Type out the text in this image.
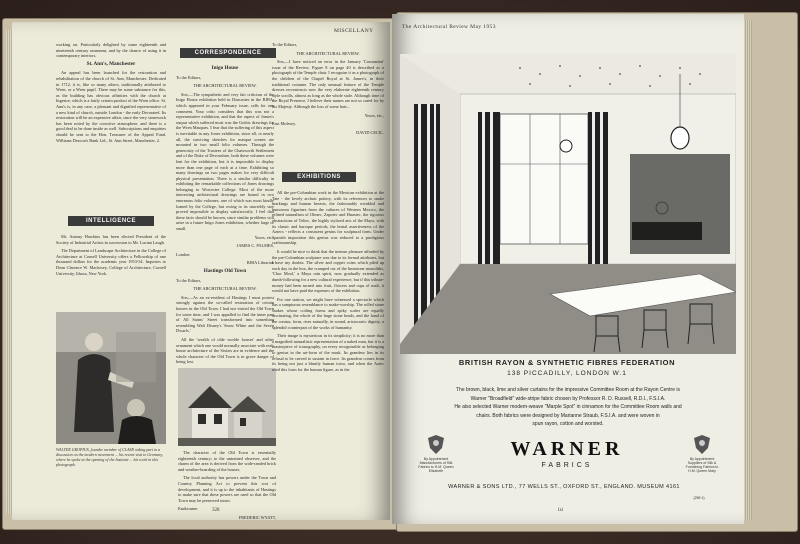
working on. Particularly delighted by some eighteenth and nineteenth century ornament, and by the chance of using it in contemporary interiors.

St. Ann's, Manchester

An appeal has been launched for the restoration and rehabilitation of the church of St. Ann, Manchester. Dedicated in 1712, it is, like so many others, traditionally attributed to Wren, or a Wren pupil. There may be some substance for this, as the building has obvious affinities with the church at Ingestre, which is a fairly certain product of the Wren office. St. Ann's is, in any case, a pleasant and dignified representative of a new kind of church, outside London - the early Decorated. Its restoration will be an expensive affair, since the very stonework has been rotted by the corrosive atmosphere, and there is a good deal to be done inside as well. Subscriptions and enquiries should be sent to the Hon. Treasurer of the Appeal Fund, Williams Deacon's Bank Ltd., St. Ann Street, Manchester, 2.

INTELLIGENCE

Mr. Antony Hawkins has been elected President of the Society of Industrial Artists in succession to Mr. Lucian Laugh.

The Department of Landscape Architecture in the College of Architecture at Cornell University offers a Fellowship of one thousand dollars for the academic year 1953-54. Inquiries to Dean Clarence W. Mackesey, College of Architecture, Cornell University, Ithaca, New York.

WALTER GROPIUS, founder member of CLASP, taking part in a discussion on the modern movement ... his recent visit to Germany, where he spoke at the opening of the Institute ... his work in this photograph.
CORRESPONDENCE

Inigo House

To the Editors,

THE ARCHITECTURAL REVIEW.

Sirs,—The sympathetic and very fair criticism of the Inigo House exhibition held in Doncaster in the RIBA, which appeared in your February issue, calls for one comment. Your critic considers that this was not a representative exhibition, and that the aspect of James's output which suffered most was the Gothic drawings for the Wren Masques. I fear that the suffering of this aspect is inevitable in any Jones exhibition, since all, or nearly all, the surviving sketches for masque scenes are mounted in two small folio volumes. Through the generosity of the Trustees of the Chatsworth Settlement and of the Duke of Devonshire, both these volumes were lent for the exhibition, but it is impossible to display more than one page of each at a time. Exhibiting so many drawings on two pages makes for very difficult physical presentation. There is a similar difficulty in exhibiting the remarkable collections of Jones drawings belonging to Worcester College. Most of the more interesting architectural drawings are bound in two enormous folio volumes, one of which was most kindly loaned by the College, but owing to its unwieldy size proved impossible to display satisfactorily. I feel that these facts should be known, since similar problems will arise in a future Inigo Jones exhibition, whether large or small.

Yours, etc.,

JAMES C. PALMES,

London.

RIBA Librarian

Hastings Old Town

To the Editors,

THE ARCHITECTURAL REVIEW.

Sirs,—As an ex-resident of Hastings I must protest strongly against the so-called restoration of certain houses in the Old Town. I had not visited the Old Town for some time, and I was appalled to find the inner part of All Saints' Street transformed into something resembling Walt Disney's 'Snow White and the Seven Dwarfs.'

All the 'wealth of olde worlde houses' and other ornament which one would normally associate with real-house architecture of the Sixties are in evidence and the whole character of the Old Town is in grave danger of being lost.

The character of the Old Town is essentially eighteenth century; to the untrained observer, and the charm of the area is derived from the wide-randed brick and weather-boarding of the houses.

The local authority has powers under the Town and Country Planning Act to prevent this sort of development, and it is up to the inhabitants of Hastings to make sure that these powers are used so that the Old Town may be preserved intact.

Eastbourne.

FREDERIC WYATT,

328

To the Editors,

THE ARCHITECTURAL REVIEW.

Sirs,—I have noticed an error in the January 'Coronation' issue of the Review. Figure 8 on page 40 is described as a photograph of the Temple chair. I recognise it as a photograph of the children of the Chapel Royal at St. James's, in their traditional costume. The only unusual feature of the Temple dresses reconstructs now the very elaborate eighteenth century style scrolls, almost as long as the whole stole. Although time of the Royal Presence, I believe their names are not so cared for by his Majesty. Although the loss of some hats...

Yours, etc.,

East Molesey.

DAVID CECIL.

MISCELLANY
EXHIBITIONS

All the pre-Columbian work in the Mexican exhibition at the Tate - the lovely archaic pottery, with its references to snake markings and human breasts, the fashionably wrinkled and humorous figurines from the cultures of Western Mexico, the refined naturalism of Olmec, Zapotec and Huastec, the rigorous abstractions of Toltec, the highly stylized arts of the Maya, with its classic and baroque periods, the brutal assertiveness of the Aztecs - reflects a consistent genius for sculptural form. Under Spanish imposition this genius was reduced to a prodigious craftsmanship.

It would be nice to think that the intense pleasure afforded by the pre-Columbian sculpture was due to its formal attributes, but I have my doubts. The silver and copper coins which piled up each day in the box, the cramped cut of the limestone monoliths, 'Chac Mool,' a Maya rain spirit, now gradually extended as dumb-following for a new cultural experience, but if this tribute-money had been turned into fruit, flowers and cups of malt, it would not have paid the expenses of the exhibition.

For one station, we might have witnessed a spectacle which has a sumptuous resemblance to snake-worship. The rolled stone snakes whose coiling forms and spiky scales are equally fascinating, the whole of the huge stone heads, and the hand of the creator, form, rises naturally, in sound, aristocratic dignity, a splendid counterpart of the works of humanity.

Their image is mysterious in its simplicity; it is no more than a magnified naturalistic representation of a naked man, but it is a masterpiece of iconography, on every recognisable as belonging to genius in the art-form of the mask. Its grandeur lies in its refusal to be curved to sustain in force. Its grandeur comes from its being not just a bluntly human torso, and when the Aztec used this form for the human figure, as in the

The Architectural Review May 1953
BRITISH RAYON & SYNTHETIC FIBRES FEDERATION
138 PICCADILLY, LONDON W.1
The brown, black, lime and silver curtains for the impressive Committee Room at the Rayon Centre is
Warner "Broadfield" wide-stripe fabric chosen by Professor R. D. Russell, R.D.I., F.S.I.A.
He also selected Warner modern-weave "Marple Spot" in cinnamon for the Committee Room walls and
chairs. Both fabrics were designed by Marianne Straub, F.S.I.A. and were woven in
spun rayon, cotton and worsted.
By Appointment Manufacturers of Silk Fabrics to H.M. Queen Elizabeth
By Appointment Suppliers of Silk & Furnishing Fabrics to H.M. Queen Mary
WARNER
FABRICS
WARNER & SONS LTD., 77 WELLS ST., OXFORD ST., ENGLAND. MUSEUM 4161
(259 1)
lxi
